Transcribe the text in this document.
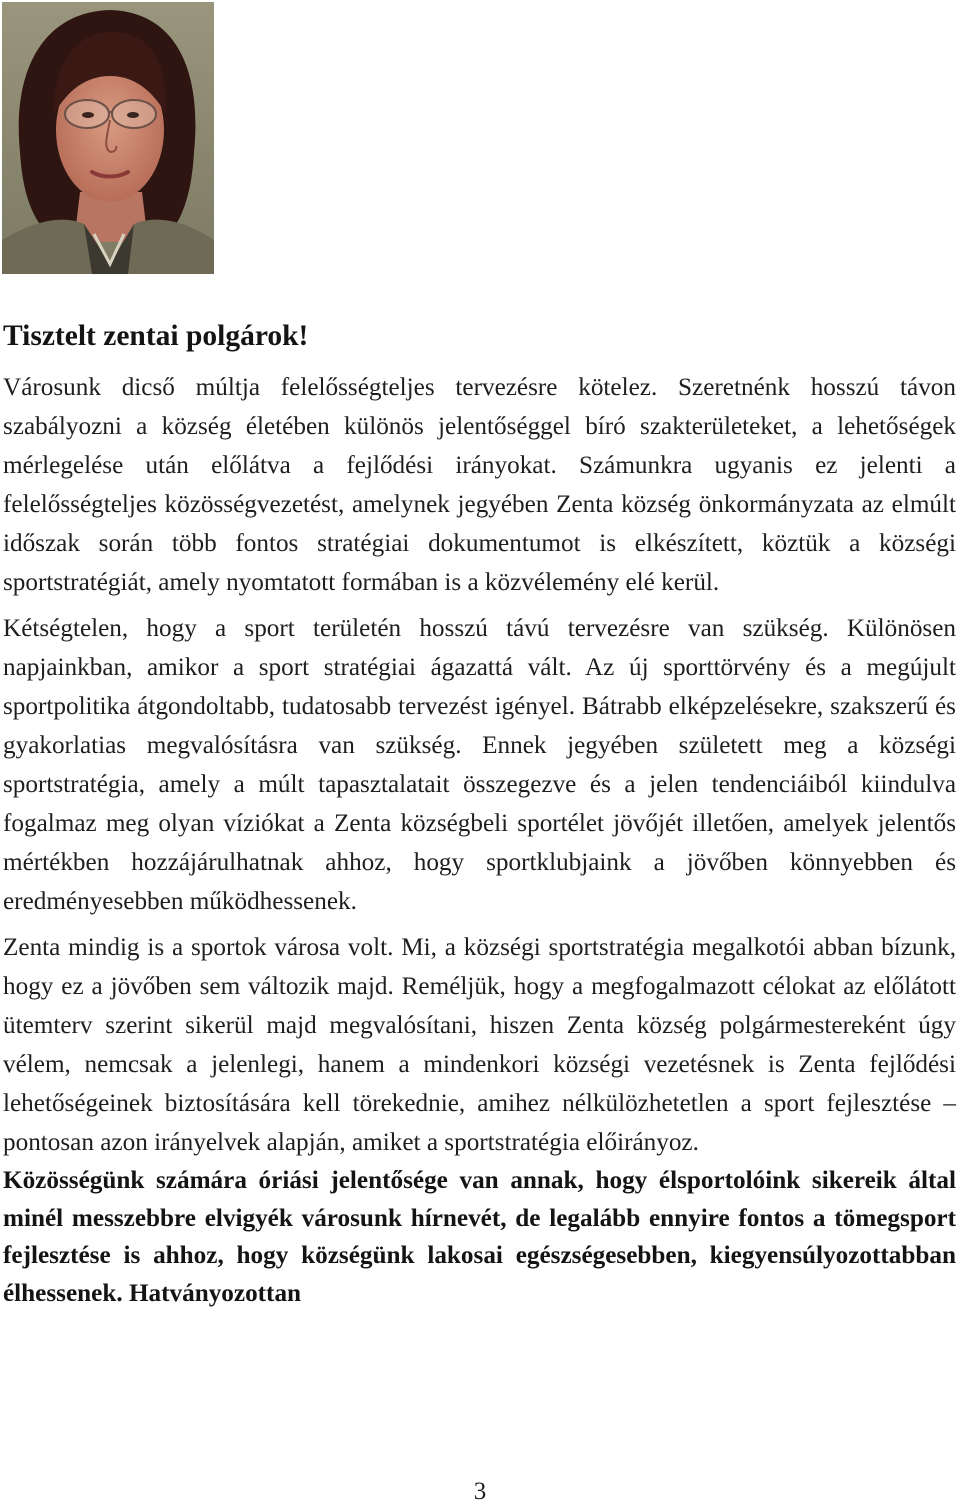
Tisztelt zentai polgárok!

Városunk dicső múltja felelősségteljes tervezésre kötelez. Szeretnénk hosszú távon szabályozni a község életében különös jelentőséggel bíró szakterületeket, a lehetőségek mérlegelése után előlátva a fejlődési irányokat. Számunkra ugyanis ez jelenti a felelősségteljes közösségvezetést, amelynek jegyében Zenta község önkormányzata az elmúlt időszak során több fontos stratégiai dokumentumot is elkészített, köztük a községi sportstratégiát, amely nyomtatott formában is a közvélemény elé kerül.

Kétségtelen, hogy a sport területén hosszú távú tervezésre van szükség. Különösen napjainkban, amikor a sport stratégiai ágazattá vált. Az új sporttörvény és a megújult sportpolitika átgondoltabb, tudatosabb tervezést igényel. Bátrabb elképzelésekre, szakszerű és gyakorlatias megvalósításra van szükség. Ennek jegyében született meg a községi sportstratégia, amely a múlt tapasztalatait összegezve és a jelen tendenciáiból kiindulva fogalmaz meg olyan víziókat a Zenta községbeli sportélet jövőjét illetően, amelyek jelentős mértékben hozzájárulhatnak ahhoz, hogy sportklubjaink a jövőben könnyebben és eredményesebben működhessenek.

Zenta mindig is a sportok városa volt. Mi, a községi sportstratégia megalkotói abban bízunk, hogy ez a jövőben sem változik majd. Reméljük, hogy a megfogalmazott célokat az előlátott ütemterv szerint sikerül majd megvalósítani, hiszen Zenta község polgármestereként úgy vélem, nemcsak a jelenlegi, hanem a mindenkori községi vezetésnek is Zenta fejlődési lehetőségeinek biztosítására kell törekednie, amihez nélkülözhetetlen a sport fejlesztése – pontosan azon irányelvek alapján, amiket a sportstratégia előirányoz.

Közösségünk számára óriási jelentősége van annak, hogy élsportolóink sikereik által minél messzebbre elvigyék városunk hírnevét, de legalább ennyire fontos a tömegsport fejlesztése is ahhoz, hogy községünk lakosai egészségesebben, kiegyensúlyozottabban élhessenek. Hatványozottan

3
